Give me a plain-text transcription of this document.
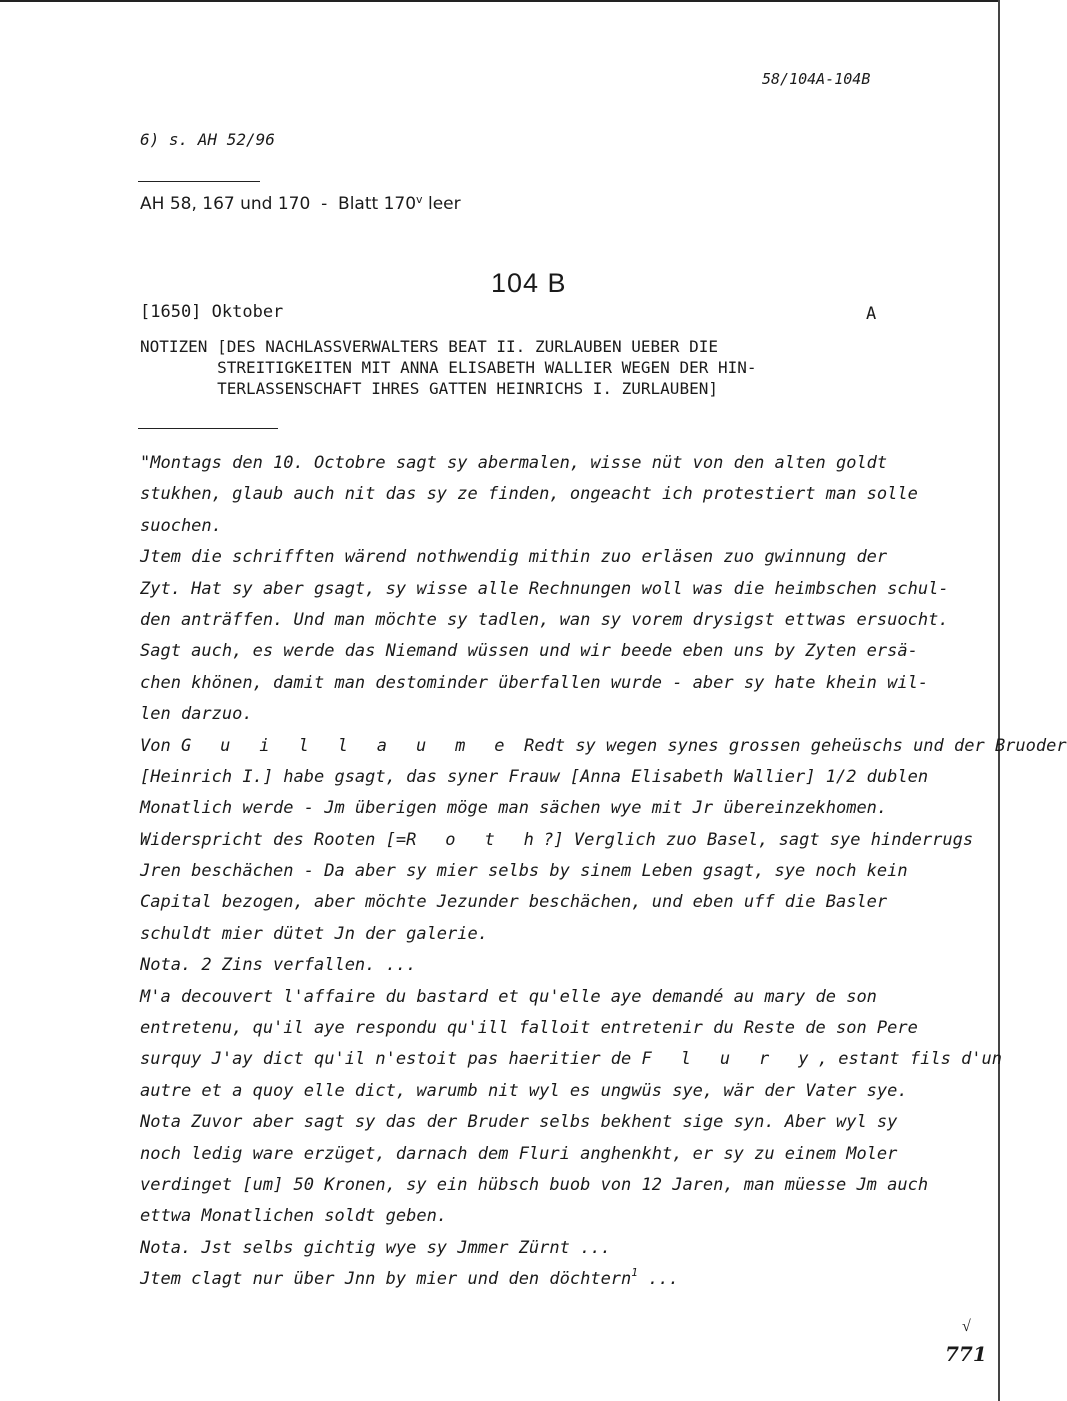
58/104A-104B
6) s. AH 52/96
AH 58, 167 und 170  -  Blatt 170$^v$ leer
104 B
[1650] Oktober	A
NOTIZEN [DES NACHLASSVERWALTERS BEAT II. ZURLAUBEN UEBER DIE
STREITIGKEITEN MIT ANNA ELISABETH WALLIER WEGEN DER HIN-
TERLASSENSCHAFT IHRES GATTEN HEINRICHS I. ZURLAUBEN]
"Montags den 10. Octobre sagt sy abermalen, wisse nüt von den alten goldt
stukhen, glaub auch nit das sy ze finden, ongeacht ich protestiert man solle
suochen.
Jtem die schrifften wärend nothwendig mithin zuo erläsen zuo gwinnung der
Zyt. Hat sy aber gsagt, sy wisse alle Rechnungen woll was die heimbschen schul-
den anträffen. Und man möchte sy tadlen, wan sy vorem drysigst ettwas ersuocht.
Sagt auch, es werde das Niemand wüssen und wir beede eben uns by Zyten ersä-
chen khönen, damit man destominder überfallen wurde - aber sy hate khein wil-
len darzuo.
Von G u i l l a u m e Redt sy wegen synes grossen geheüschs und der Bruoder
[Heinrich I.] habe gsagt, das syner Frauw [Anna Elisabeth Wallier] 1/2 dublen
Monatlich werde - Jm überigen möge man sächen wye mit Jr übereinzekhomen.
Widerspricht des Rooten [=R o t h?] Verglich zuo Basel, sagt sye hinderrugs
Jren beschächen - Da aber sy mier selbs by sinem Leben gsagt, sye noch kein
Capital bezogen, aber möchte Jezunder beschächen, und eben uff die Basler
schuldt mier dütet Jn der galerie.
Nota. 2 Zins verfallen. ...
M'a decouvert l'affaire du bastard et qu'elle aye demandé au mary de son
entretenu, qu'il aye respondu qu'ill falloit entretenir du Reste de son Pere
surquy J'ay dict qu'il n'estoit pas haeritier de F l u r y, estant fils d'un
autre et a quoy elle dict, warumb nit wyl es ungwüs sye, wär der Vater sye.
Nota Zuvor aber sagt sy das der Bruder selbs bekhent sige syn. Aber wyl sy
noch ledig ware erzüget, darnach dem Fluri anghenkht, er sy zu einem Moler
verdinget [um] 50 Kronen, sy ein hübsch buob von 12 Jaren, man müesse Jm auch
ettwa Monatlichen soldt geben.
Nota. Jst selbs gichtig wye sy Jmmer Zürnt ...
Jtem clagt nur über Jnn by mier und den döchtern$^1$ ...
√
771
